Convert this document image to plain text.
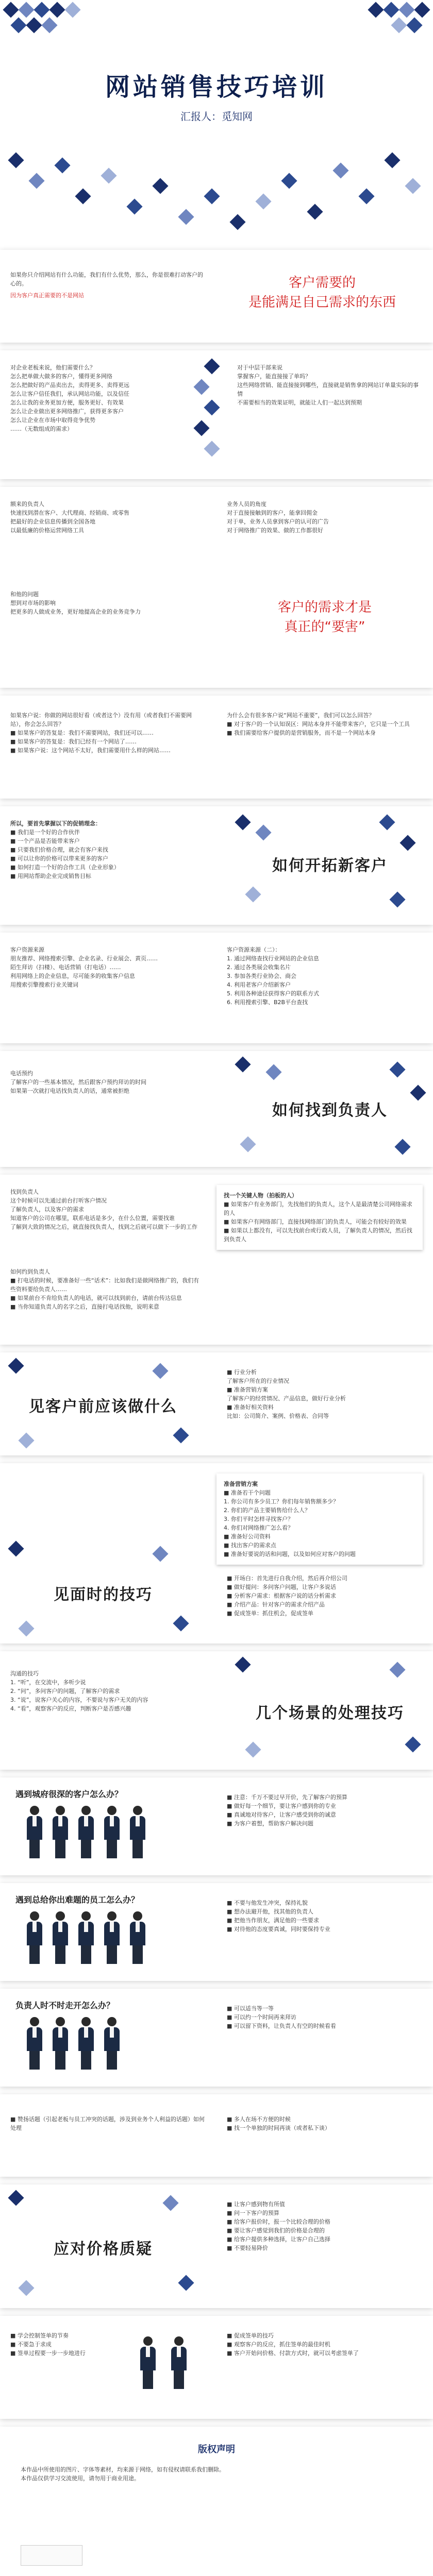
网站销售技巧培训
汇报人：觅知网

如果你只介绍网站有什么功能，我们有什么优势，那么，你是很难打动客户的心的。

因为客户真正需要的不是网站

客户需要的
是能满足自己需求的东西

对企业老板来说，他们需要什么？

怎么把单做大做多的客户，懂得更多网络

怎么把做好的产品卖出去，卖得更多、卖得更远

怎么让客户信任我们，承认网站功能，以及信任

怎么让我的业务更加方便，服务更好、有效果

怎么让企业做出更多网络推广，获得更多客户

怎么让企业在市场中取得竞争优势

……（无数组成的需求）

对于中层干部来说

掌握客户，能直接接了单吗？

这些网络营销、能直接接到哪些，直接就是销售拿的网站订单量实际的事情

不需要相当的效果证明，就能让人们一起达到预期

额来的负责人

快速找到潜在客户、大代理商、经销商、或零售

把最好的企业信息传播到全国各地

以最低廉的价格运营网络工具

业务人员的角度

对于直接接触到的客户，能拿回佣金

对于单，业务人员拿到客户的认可的广告

对于网络推广的效果、做的工作都很好

和他的问题

想到对市场的影响

把更多的人做成业务，更好地提高企业的业务竞争力	客户的需求才是
真正的“要害”

如果客户说：你做的网站很好看（或者这个）没有用（或者我们不需要网站），你会怎么回答？

■ 如果客户的答复是：我们不需要网站，我们还可以……

■ 如果客户的答复是：我们已经有一个网站了……

■ 如果客户说：这个网站不太好，我们需要用什么样的网站……

为什么会有很多客户说“网站不重要”，我们可以怎么回答？

■ 对于客户的一个认知误区：网站本身并不能带来客户，它只是一个工具

■ 我们需要给客户提供的是营销服务，而不是一个网站本身

所以，要首先掌握以下的促销理念：

■ 我们是一个好的合作伙伴

■ 一个产品是否能带来客户

■ 只要我们价格合理，就会有客户来找

■ 可以让你的价格可以带来更多的客户

■ 如何打造一个好的合作工具（企业形象）

■ 用网站帮助企业完成销售目标

如何开拓新客户

客户资源来源

朋友推荐、网络搜索引擎、企业名录、行业展会、黄页……

陌生拜访（扫楼）、电话营销（打电话）……

利用网络上的企业信息，尽可能多的收集客户信息

用搜索引擎搜索行业关键词

客户资源来源（二）：

1. 通过网络查找行业网站的企业信息

2. 通过各类展会收集名片

3. 参加各类行业协会、商会

4. 利用老客户介绍新客户

5. 利用各种途径获得客户的联系方式

6. 利用搜索引擎、B2B平台查找

电话预约

了解客户的一些基本情况，然后跟客户预约拜访的时间

如果第一次就打电话找负责人的话，通常被拒绝

如何找到负责人

找到负责人

这个时候可以先通过前台打听客户情况

了解负责人，以及客户的需求

知道客户的公司在哪里，联系电话是多少，在什么位置，需要找谁

了解到大致的情况之后，就直接找负责人，找到之后就可以做下一步的工作

找一个关键人物（拍板的人）

■ 如果客户有业务部门，先找他们的负责人，这个人是最清楚公司网络需求的人

■ 如果客户有网络部门，直接找网络部门的负责人，可能会有较好的效果

■ 如果以上都没有，可以先找前台或行政人员，了解负责人的情况，然后找到负责人

如何约到负责人

■ 打电话的时候，要准备好一些“话术”：比如我们是做网络推广的，我们有些资料要给负责人……

■ 如果前台不肯给负责人的电话，就可以找到前台，请前台传达信息

■ 当你知道负责人的名字之后，直接打电话找他，说明来意

见客户前应该做什么

■ 行业分析

了解客户所在的行业情况

■ 准备营销方案

了解客户的经营情况、产品信息，做好行业分析

■ 准备好相关资料

比如：公司简介、案例、价格表、合同等

准备营销方案

■ 准备若干个问题

1. 你公司有多少员工？你们每年销售额多少？

2. 你们的产品主要销售给什么人？

3. 你们平时怎样寻找客户？

4. 你们对网络推广怎么看？

■ 准备好公司资料

■ 找出客户的需求点

■ 准备好要说的话和问题，以及如何应对客户的问题

见面时的技巧

■ 开场白：首先进行自我介绍，然后再介绍公司

■ 做好提问：多问客户问题，让客户多说话

■ 分析客户需求：根据客户说的话分析需求

■ 介绍产品：针对客户的需求介绍产品

■ 促成签单：抓住机会，促成签单

沟通的技巧

1. “听”，在交流中，多听少说

2. “问”，多问客户的问题，了解客户的需求

3. “说”，说客户关心的内容，不要说与客户无关的内容

4. “看”，观察客户的反应，判断客户是否感兴趣	几个场景的处理技巧
遇到城府很深的客户怎么办？	■ 注意：千万不要过早开价，先了解客户的预算

■ 做好每一个细节，要让客户感到你的专业

■ 真诚地对待客户，让客户感受到你的诚意

■ 为客户着想，帮助客户解决问题

遇到总给你出难题的员工怎么办？	■ 不要与他发生冲突，保持礼貌

■ 想办法避开他，找其他的负责人

■ 把他当作朋友，满足他的一些要求

■ 对待他的态度要真诚，同时要保持专业

负责人时不时走开怎么办？	■ 可以适当等一等

■ 可以约一个时间再来拜访

■ 可以留下资料，让负责人有空的时候看看

■ 赞扬话题（引起老板与员工冲突的话题，涉及到业务个人利益的话题）如何处理

■ 多人在场不方便的时候

■ 找一个单独的时间再谈（或者私下谈）

应对价格质疑

■ 让客户感到物有所值

■ 问一下客户的预算

■ 给客户报价时，报一个比较合理的价格

■ 要让客户感觉到我们的价格是合理的

■ 给客户提供多种选择，让客户自己选择

■ 不要轻易降价

■ 学会控制签单的节奏

■ 不要急于求成

■ 签单过程要一步一步地进行

■ 促成签单的技巧

■ 观察客户的反应，抓住签单的最佳时机

■ 客户开始问价格、付款方式时，就可以考虑签单了

版权声明

本作品中所使用的图片、字体等素材，均来源于网络，如有侵权请联系我们删除。

本作品仅供学习交流使用，请勿用于商业用途。
